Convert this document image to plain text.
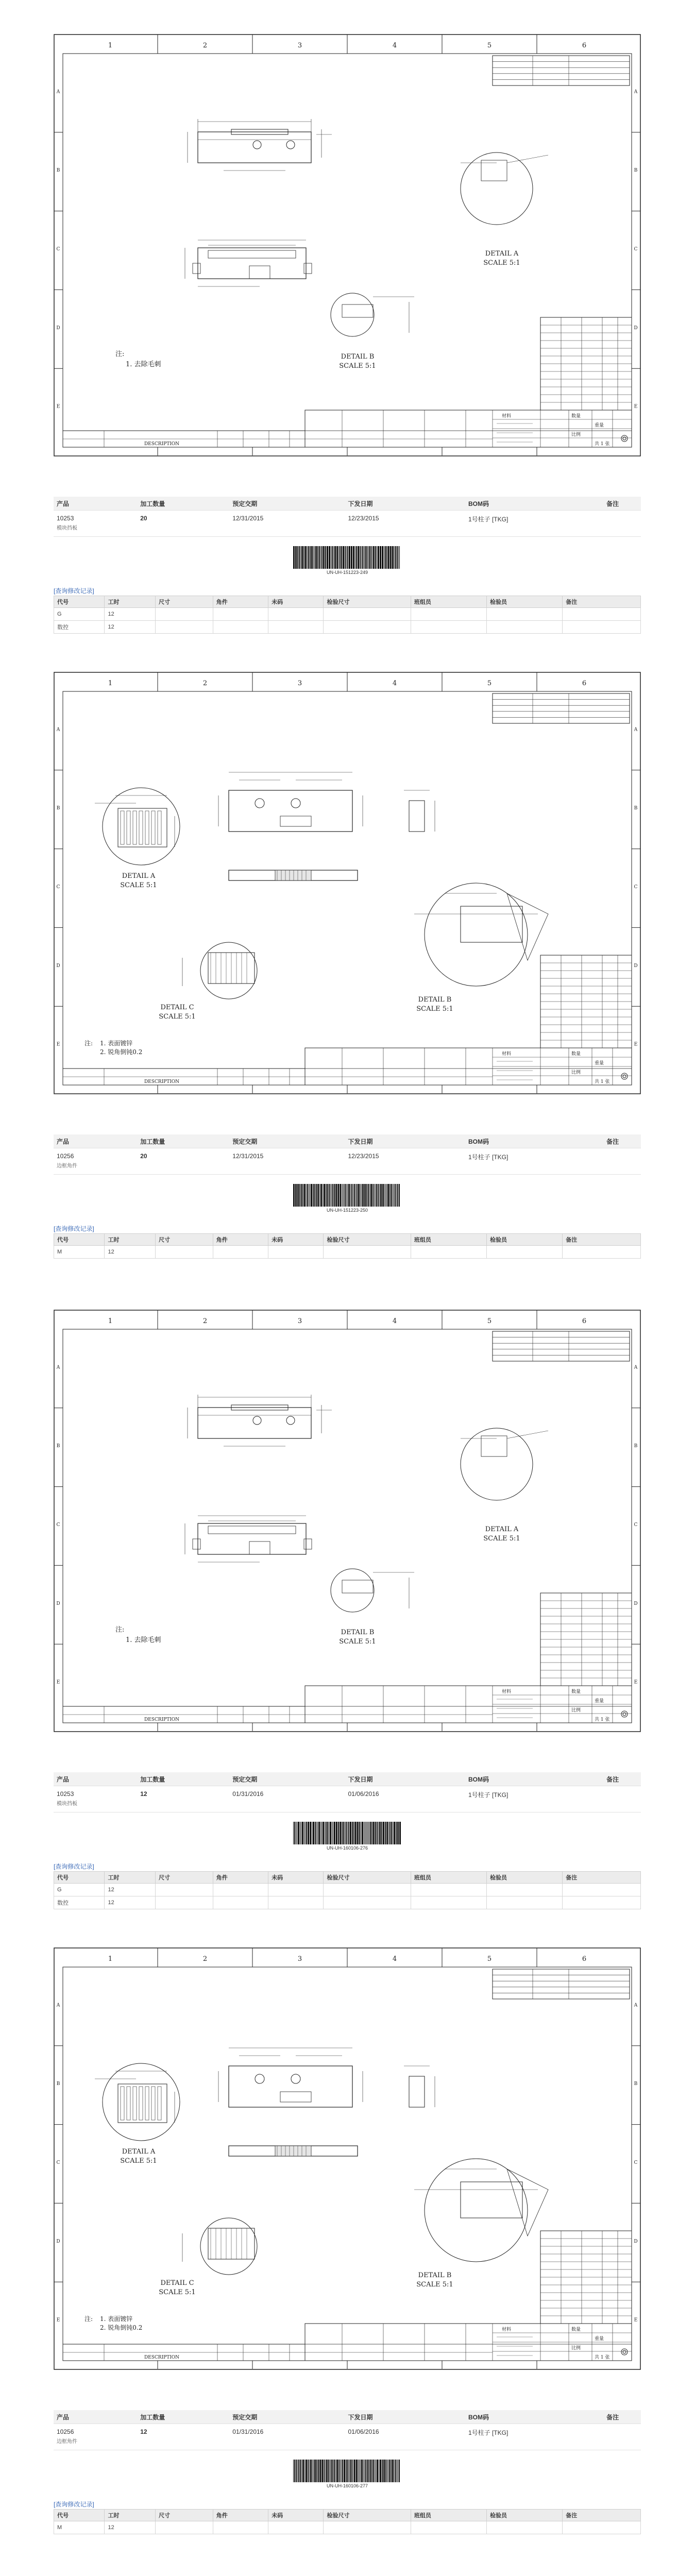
1	2	3	4	5	6
A	A
B	B
C	C
D	D
E	E
DESCRIPTION
材料	数量
重量
比例
共 1 张
DETAIL A
SCALE 5:1
DETAIL B
SCALE 5:1
注:
1. 去除毛刺
产品	加工数量	预定交期	下发日期	BOM码	备注
10253
模块挡板	20	12/31/2015	12/23/2015	1号柱子 [TKG]	
UN-UH-151223-249
[查询修改记录]
代号	工时	尺寸	角件	未码	检验尺寸	班组员	检验员	备注
G	12							
数控	12							
1	2	3	4	5	6
A	A
B	B
C	C
D	D
E	E
DESCRIPTION
材料	数量
重量
比例
共 1 张
DETAIL A
SCALE 5:1
DETAIL B
SCALE 5:1
DETAIL C
SCALE 5:1
注: 1. 表面镀锌
2. 锐角倒钝0.2
产品	加工数量	预定交期	下发日期	BOM码	备注
10256
边框角件	20	12/31/2015	12/23/2015	1号柱子 [TKG]	
UN-UH-151223-250
[查询修改记录]
代号	工时	尺寸	角件	未码	检验尺寸	班组员	检验员	备注
M	12							
1	2	3	4	5	6
A	A
B	B
C	C
D	D
E	E
DESCRIPTION
材料	数量
重量
比例
共 1 张
DETAIL A
SCALE 5:1
DETAIL B
SCALE 5:1
注:
1. 去除毛刺
产品	加工数量	预定交期	下发日期	BOM码	备注
10253
模块挡板	12	01/31/2016	01/06/2016	1号柱子 [TKG]	
UN-UH-160106-276
[查询修改记录]
代号	工时	尺寸	角件	未码	检验尺寸	班组员	检验员	备注
G	12							
数控	12							
1	2	3	4	5	6
A	A
B	B
C	C
D	D
E	E
DESCRIPTION
材料	数量
重量
比例
共 1 张
DETAIL A
SCALE 5:1
DETAIL B
SCALE 5:1
DETAIL C
SCALE 5:1
注: 1. 表面镀锌
2. 锐角倒钝0.2
产品	加工数量	预定交期	下发日期	BOM码	备注
10256
边框角件	12	01/31/2016	01/06/2016	1号柱子 [TKG]	
UN-UH-160106-277
[查询修改记录]
代号	工时	尺寸	角件	未码	检验尺寸	班组员	检验员	备注
M	12							
